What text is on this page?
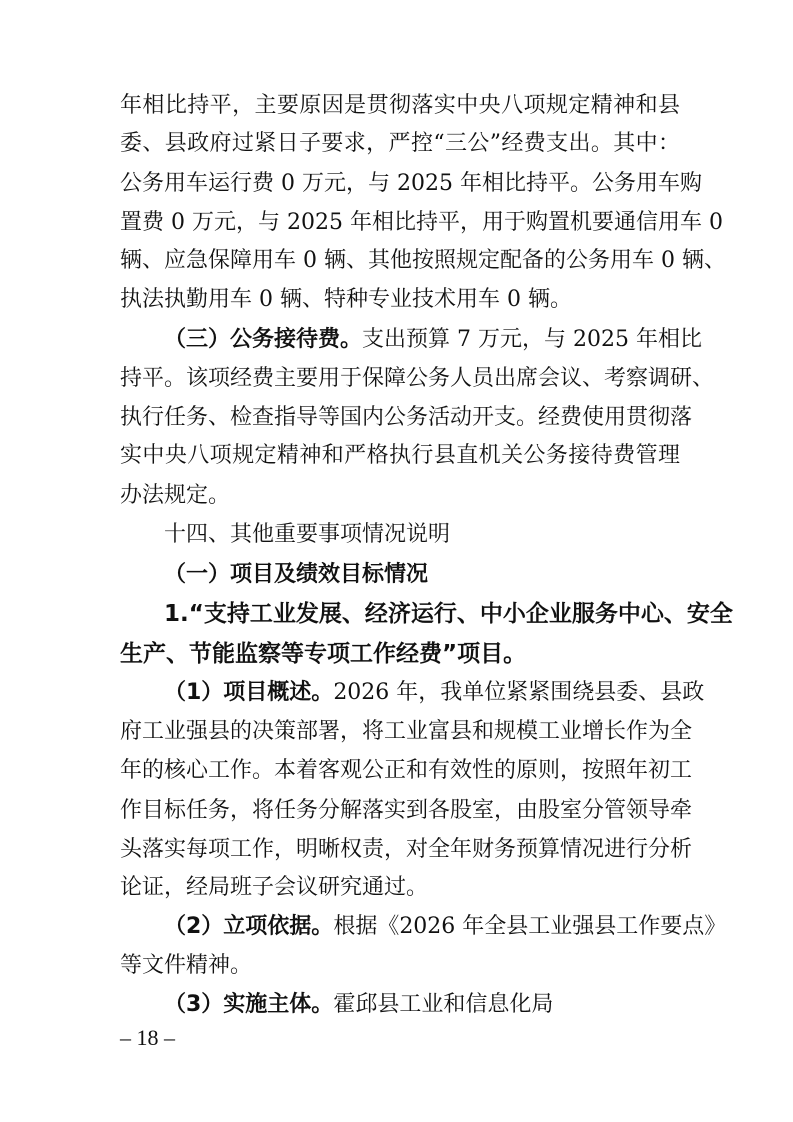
年相比持平，主要原因是贯彻落实中央八项规定精神和县
委、县政府过紧日子要求，严控“三公”经费支出。其中：
公务用车运行费 0 万元，与 2025 年相比持平。公务用车购
置费 0 万元，与 2025 年相比持平，用于购置机要通信用车 0
辆、应急保障用车 0 辆、其他按照规定配备的公务用车 0 辆、
执法执勤用车 0 辆、特种专业技术用车 0 辆。
（三）公务接待费。支出预算 7 万元，与 2025 年相比
持平。该项经费主要用于保障公务人员出席会议、考察调研、
执行任务、检查指导等国内公务活动开支。经费使用贯彻落
实中央八项规定精神和严格执行县直机关公务接待费管理
办法规定。
十四、其他重要事项情况说明
（一）项目及绩效目标情况
1.“支持工业发展、经济运行、中小企业服务中心、安全
生产、节能监察等专项工作经费”项目。
（1）项目概述。2026 年，我单位紧紧围绕县委、县政
府工业强县的决策部署，将工业富县和规模工业增长作为全
年的核心工作。本着客观公正和有效性的原则，按照年初工
作目标任务，将任务分解落实到各股室，由股室分管领导牵
头落实每项工作，明晰权责，对全年财务预算情况进行分析
论证，经局班子会议研究通过。
– 18 –
（2）立项依据。根据《2026 年全县工业强县工作要点》
等文件精神。
（3）实施主体。霍邱县工业和信息化局
